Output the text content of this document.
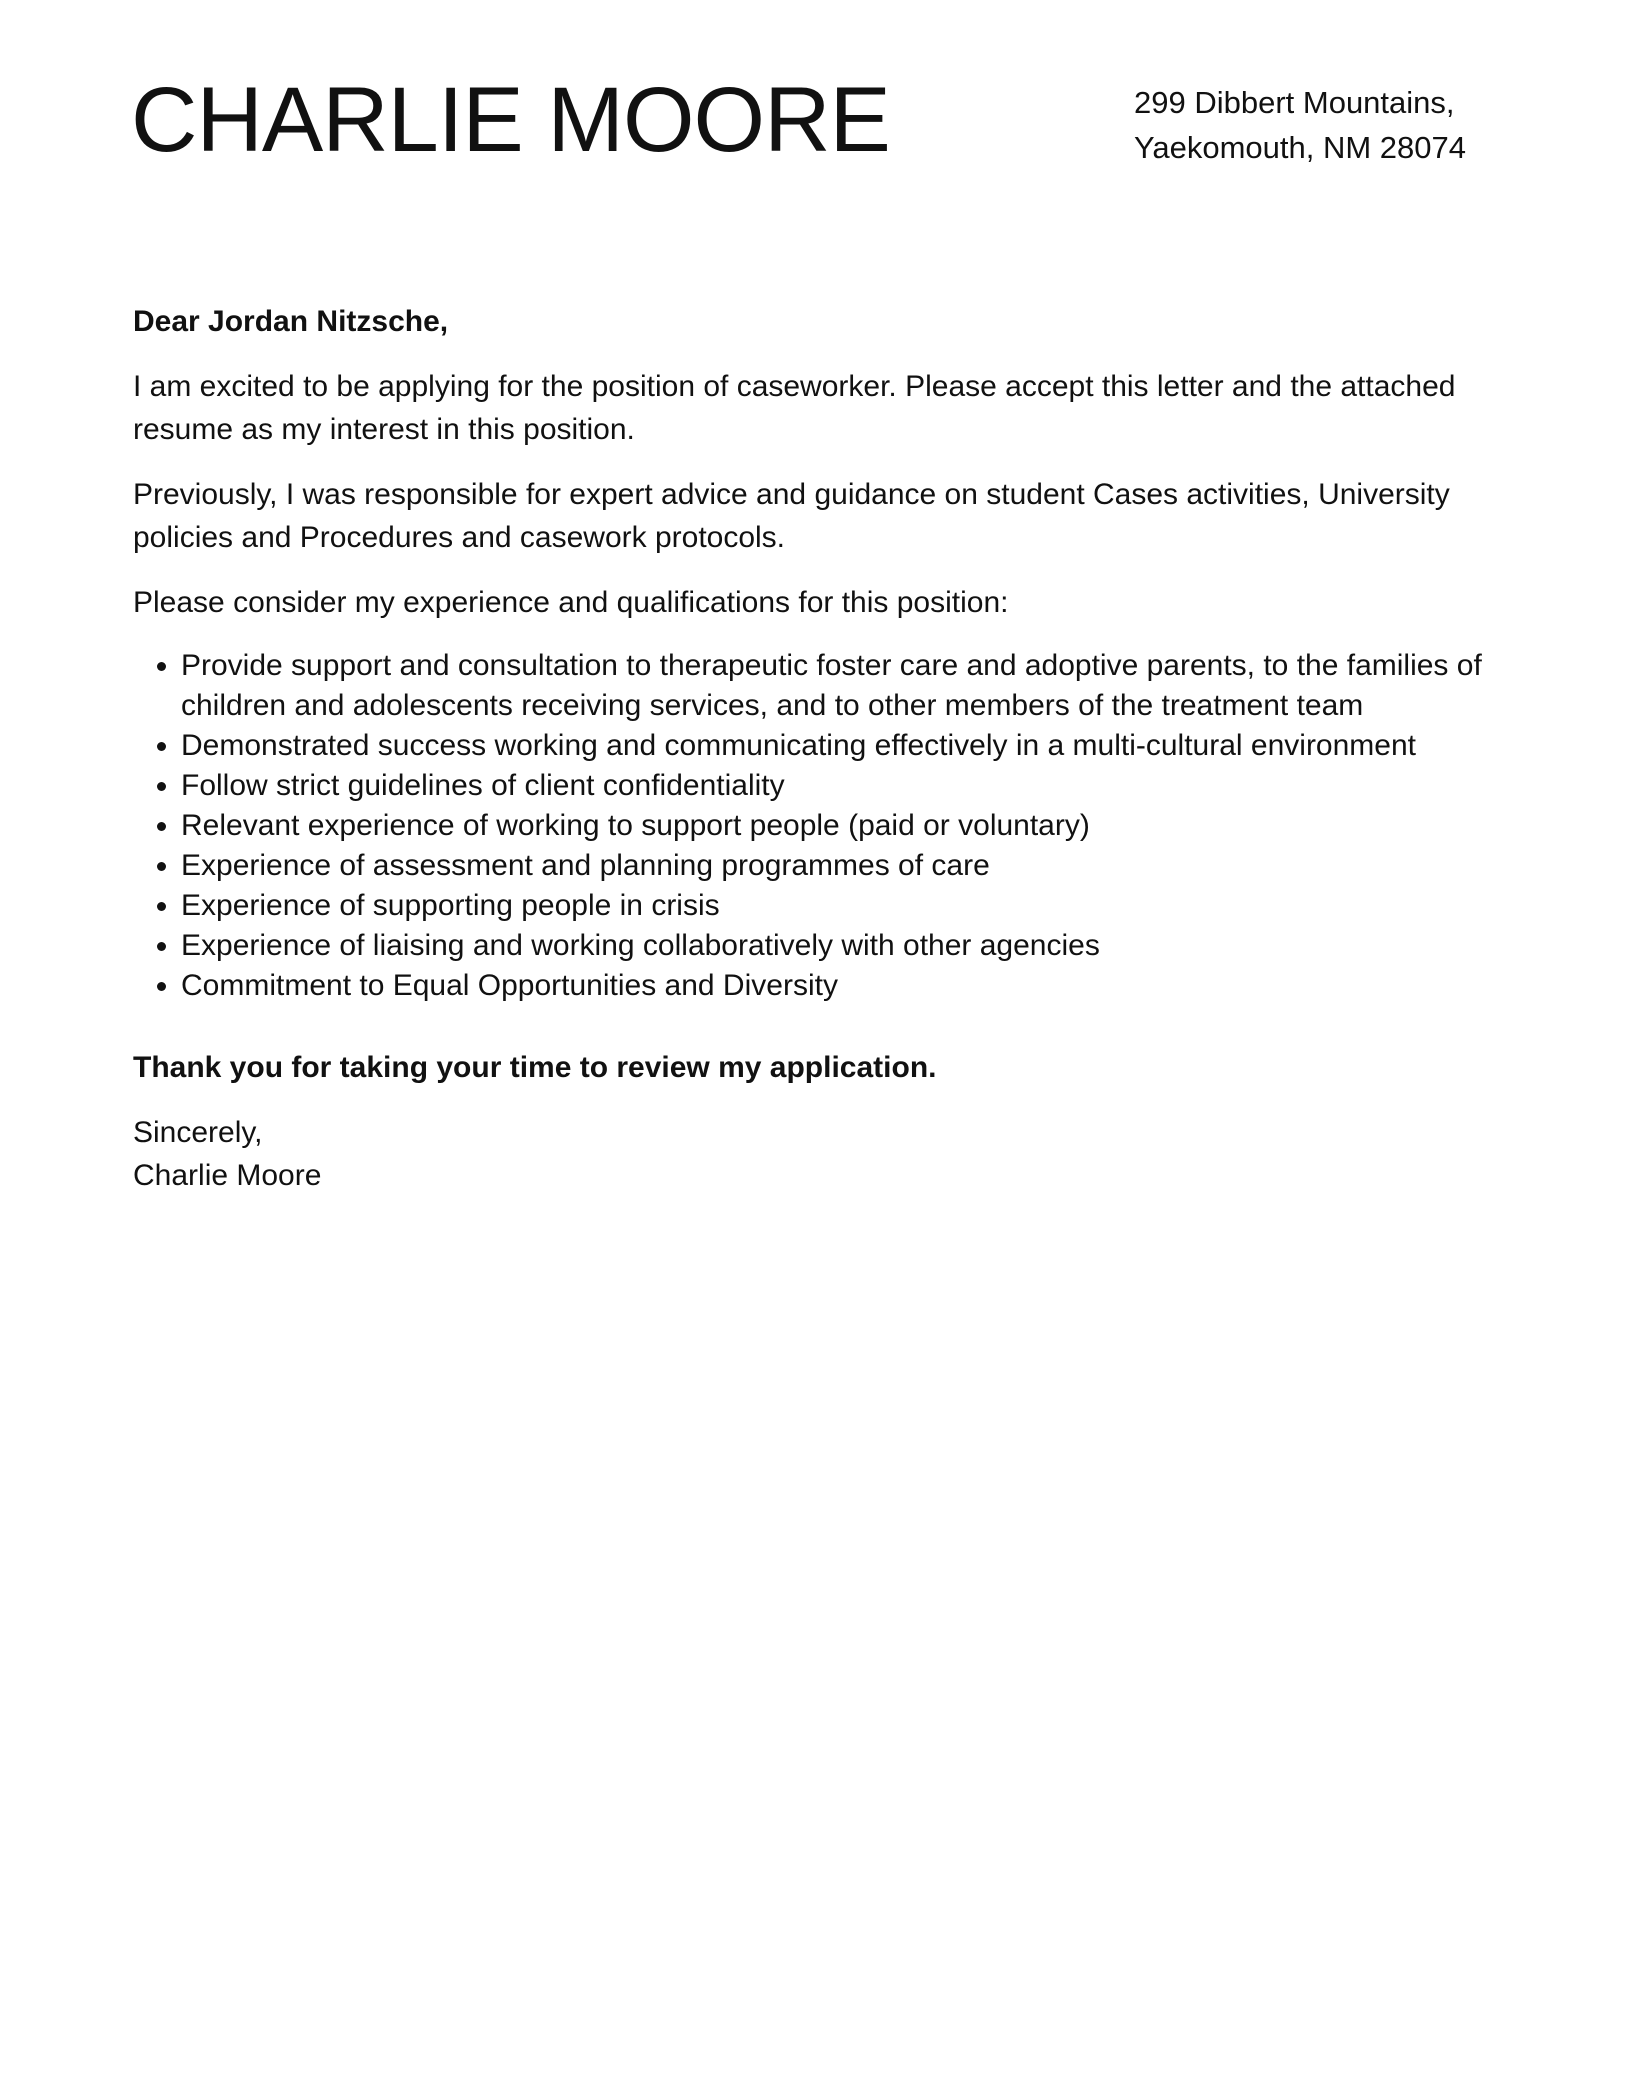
CHARLIE MOORE	299 Dibbert Mountains,
Yaekomouth, NM 28074

Dear Jordan Nitzsche,

I am excited to be applying for the position of caseworker. Please accept this letter and the attached resume as my interest in this position.

Previously, I was responsible for expert advice and guidance on student Cases activities, University policies and Procedures and casework protocols.

Please consider my experience and qualifications for this position:

• Provide support and consultation to therapeutic foster care and adoptive parents, to the families of children and adolescents receiving services, and to other members of the treatment team
• Demonstrated success working and communicating effectively in a multi-cultural environment
• Follow strict guidelines of client confidentiality
• Relevant experience of working to support people (paid or voluntary)
• Experience of assessment and planning programmes of care
• Experience of supporting people in crisis
• Experience of liaising and working collaboratively with other agencies
• Commitment to Equal Opportunities and Diversity

Thank you for taking your time to review my application.

Sincerely,
Charlie Moore
